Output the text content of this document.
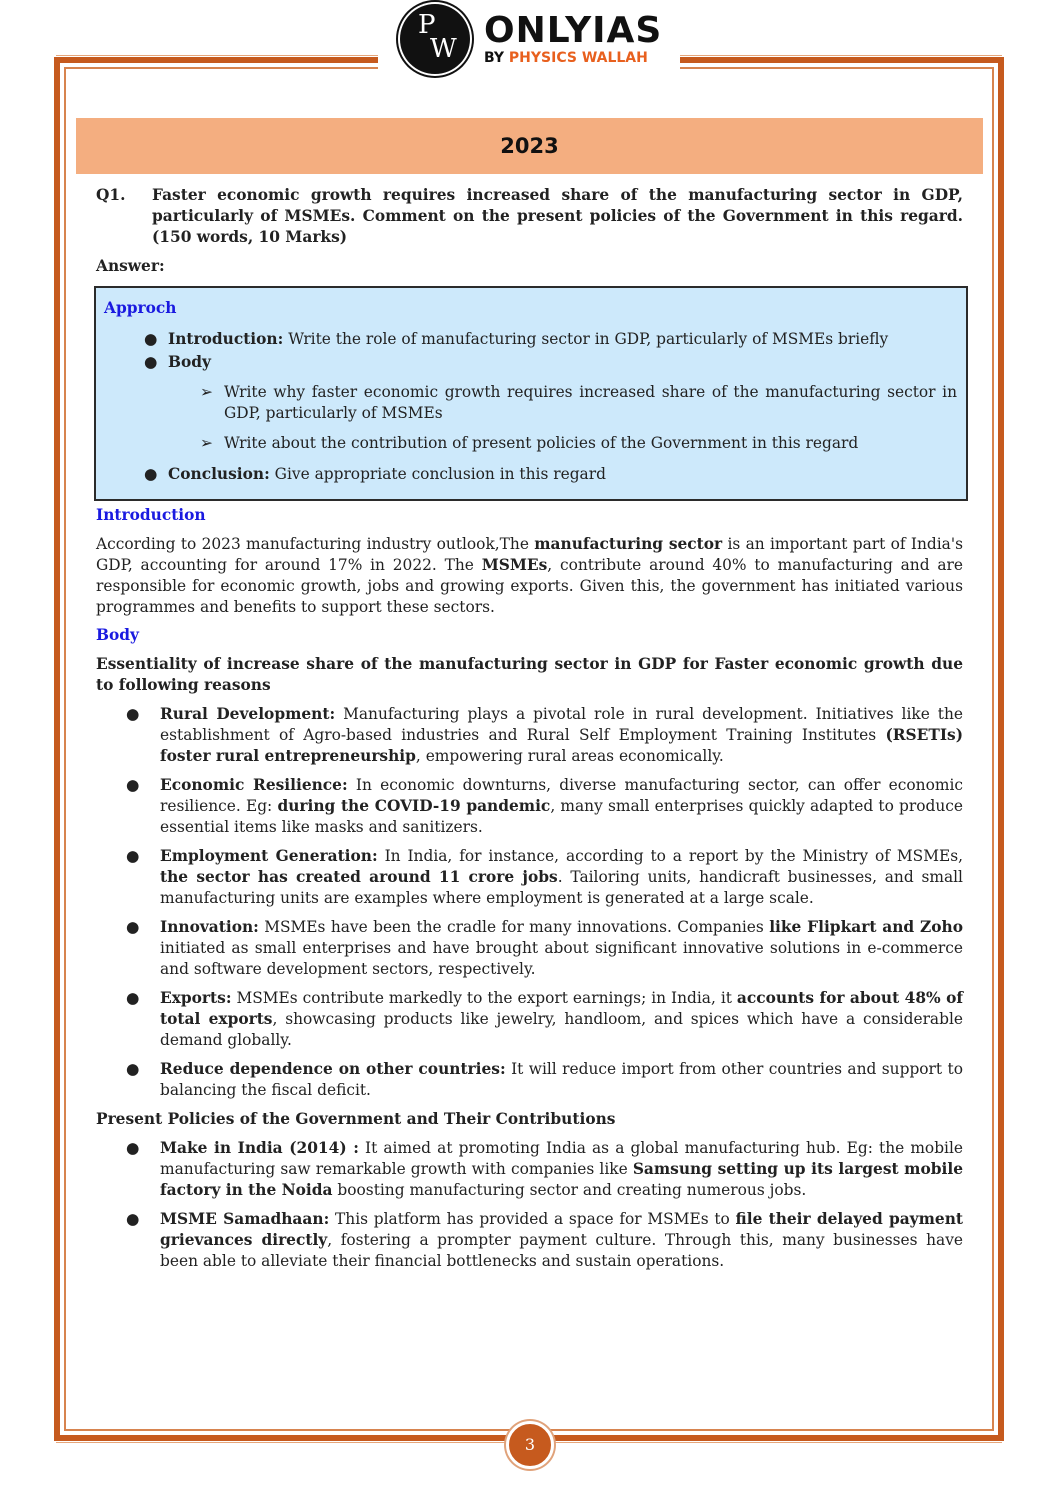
P
W ONLYIAS
BY PHYSICS WALLAH
2023
Q1.	Faster economic growth requires increased share of the manufacturing sector in GDP, particularly of MSMEs. Comment on the present policies of the Government in this regard. (150 words, 10 Marks)
Answer:
Approch
● Introduction: Write the role of manufacturing sector in GDP, particularly of MSMEs briefly
● Body
➢ Write why faster economic growth requires increased share of the manufacturing sector in GDP, particularly of MSMEs
➢ Write about the contribution of present policies of the Government in this regard
● Conclusion: Give appropriate conclusion in this regard
Introduction

According to 2023 manufacturing industry outlook,The manufacturing sector is an important part of India's GDP, accounting for around 17% in 2022. The MSMEs, contribute around 40% to manufacturing and are responsible for economic growth, jobs and growing exports. Given this, the government has initiated various programmes and benefits to support these sectors.

Body

Essentiality of increase share of the manufacturing sector in GDP for Faster economic growth due to following reasons

●	Rural Development: Manufacturing plays a pivotal role in rural development. Initiatives like the establishment of Agro-based industries and Rural Self Employment Training Institutes (RSETIs) foster rural entrepreneurship, empowering rural areas economically.
●	Economic Resilience: In economic downturns, diverse manufacturing sector, can offer economic resilience. Eg: during the COVID-19 pandemic, many small enterprises quickly adapted to produce essential items like masks and sanitizers.
●	Employment Generation: In India, for instance, according to a report by the Ministry of MSMEs, the sector has created around 11 crore jobs. Tailoring units, handicraft businesses, and small manufacturing units are examples where employment is generated at a large scale.
●	Innovation: MSMEs have been the cradle for many innovations. Companies like Flipkart and Zoho initiated as small enterprises and have brought about significant innovative solutions in e-commerce and software development sectors, respectively.
●	Exports: MSMEs contribute markedly to the export earnings; in India, it accounts for about 48% of total exports, showcasing products like jewelry, handloom, and spices which have a considerable demand globally.
●	Reduce dependence on other countries: It will reduce import from other countries and support to balancing the fiscal deficit.

Present Policies of the Government and Their Contributions

●	Make in India (2014) : It aimed at promoting India as a global manufacturing hub. Eg: the mobile manufacturing saw remarkable growth with companies like Samsung setting up its largest mobile factory in the Noida boosting manufacturing sector and creating numerous jobs.
●	MSME Samadhaan: This platform has provided a space for MSMEs to file their delayed payment grievances directly, fostering a prompter payment culture. Through this, many businesses have been able to alleviate their financial bottlenecks and sustain operations.
3
